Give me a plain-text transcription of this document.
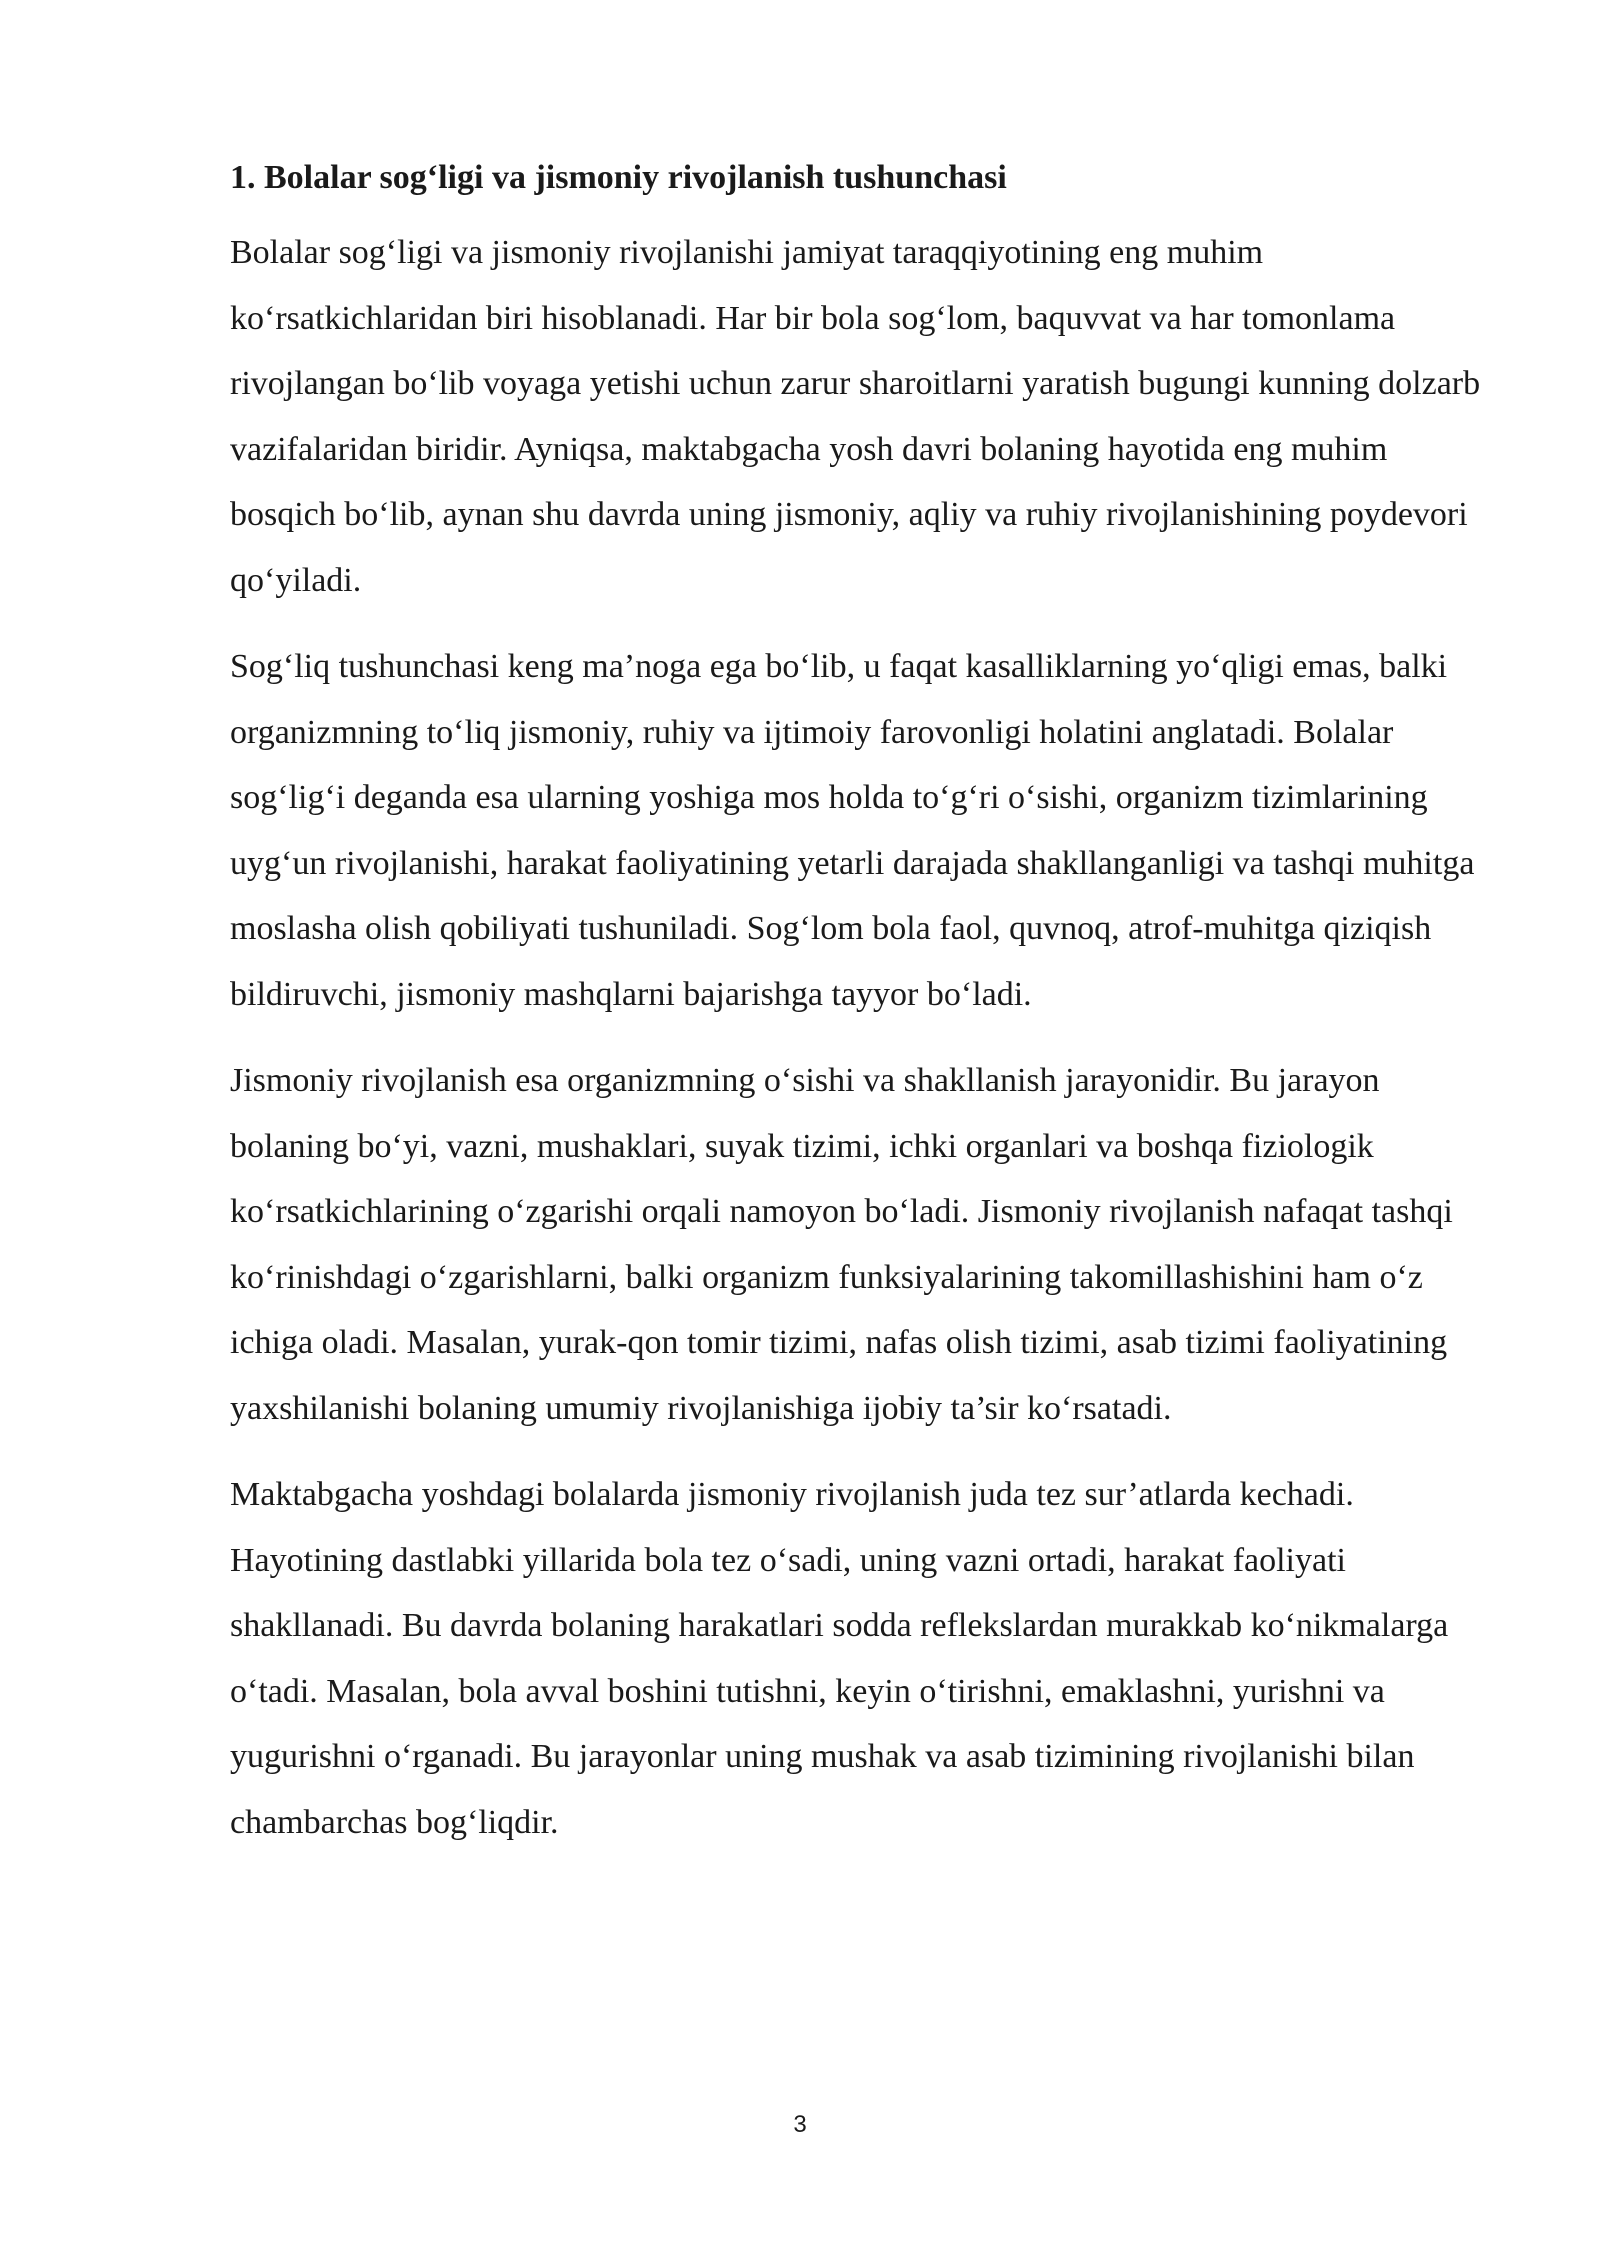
1. Bolalar sog‘ligi va jismoniy rivojlanish tushunchasi

Bolalar sog‘ligi va jismoniy rivojlanishi jamiyat taraqqiyotining eng muhim ko‘rsatkichlaridan biri hisoblanadi. Har bir bola sog‘lom, baquvvat va har tomonlama rivojlangan bo‘lib voyaga yetishi uchun zarur sharoitlarni yaratish bugungi kunning dolzarb vazifalaridan biridir. Ayniqsa, maktabgacha yosh davri bolaning hayotida eng muhim bosqich bo‘lib, aynan shu davrda uning jismoniy, aqliy va ruhiy rivojlanishining poydevori qo‘yiladi.

Sog‘liq tushunchasi keng ma’noga ega bo‘lib, u faqat kasalliklarning yo‘qligi emas, balki organizmning to‘liq jismoniy, ruhiy va ijtimoiy farovonligi holatini anglatadi. Bolalar sog‘lig‘i deganda esa ularning yoshiga mos holda to‘g‘ri o‘sishi, organizm tizimlarining uyg‘un rivojlanishi, harakat faoliyatining yetarli darajada shakllanganligi va tashqi muhitga moslasha olish qobiliyati tushuniladi. Sog‘lom bola faol, quvnoq, atrof-muhitga qiziqish bildiruvchi, jismoniy mashqlarni bajarishga tayyor bo‘ladi.

Jismoniy rivojlanish esa organizmning o‘sishi va shakllanish jarayonidir. Bu jarayon bolaning bo‘yi, vazni, mushaklari, suyak tizimi, ichki organlari va boshqa fiziologik ko‘rsatkichlarining o‘zgarishi orqali namoyon bo‘ladi. Jismoniy rivojlanish nafaqat tashqi ko‘rinishdagi o‘zgarishlarni, balki organizm funksiyalarining takomillashishini ham o‘z ichiga oladi. Masalan, yurak-qon tomir tizimi, nafas olish tizimi, asab tizimi faoliyatining yaxshilanishi bolaning umumiy rivojlanishiga ijobiy ta’sir ko‘rsatadi.

Maktabgacha yoshdagi bolalarda jismoniy rivojlanish juda tez sur’atlarda kechadi. Hayotining dastlabki yillarida bola tez o‘sadi, uning vazni ortadi, harakat faoliyati shakllanadi. Bu davrda bolaning harakatlari sodda reflekslardan murakkab ko‘nikmalarga o‘tadi. Masalan, bola avval boshini tutishni, keyin o‘tirishni, emaklashni, yurishni va yugurishni o‘rganadi. Bu jarayonlar uning mushak va asab tizimining rivojlanishi bilan chambarchas bog‘liqdir.

3
